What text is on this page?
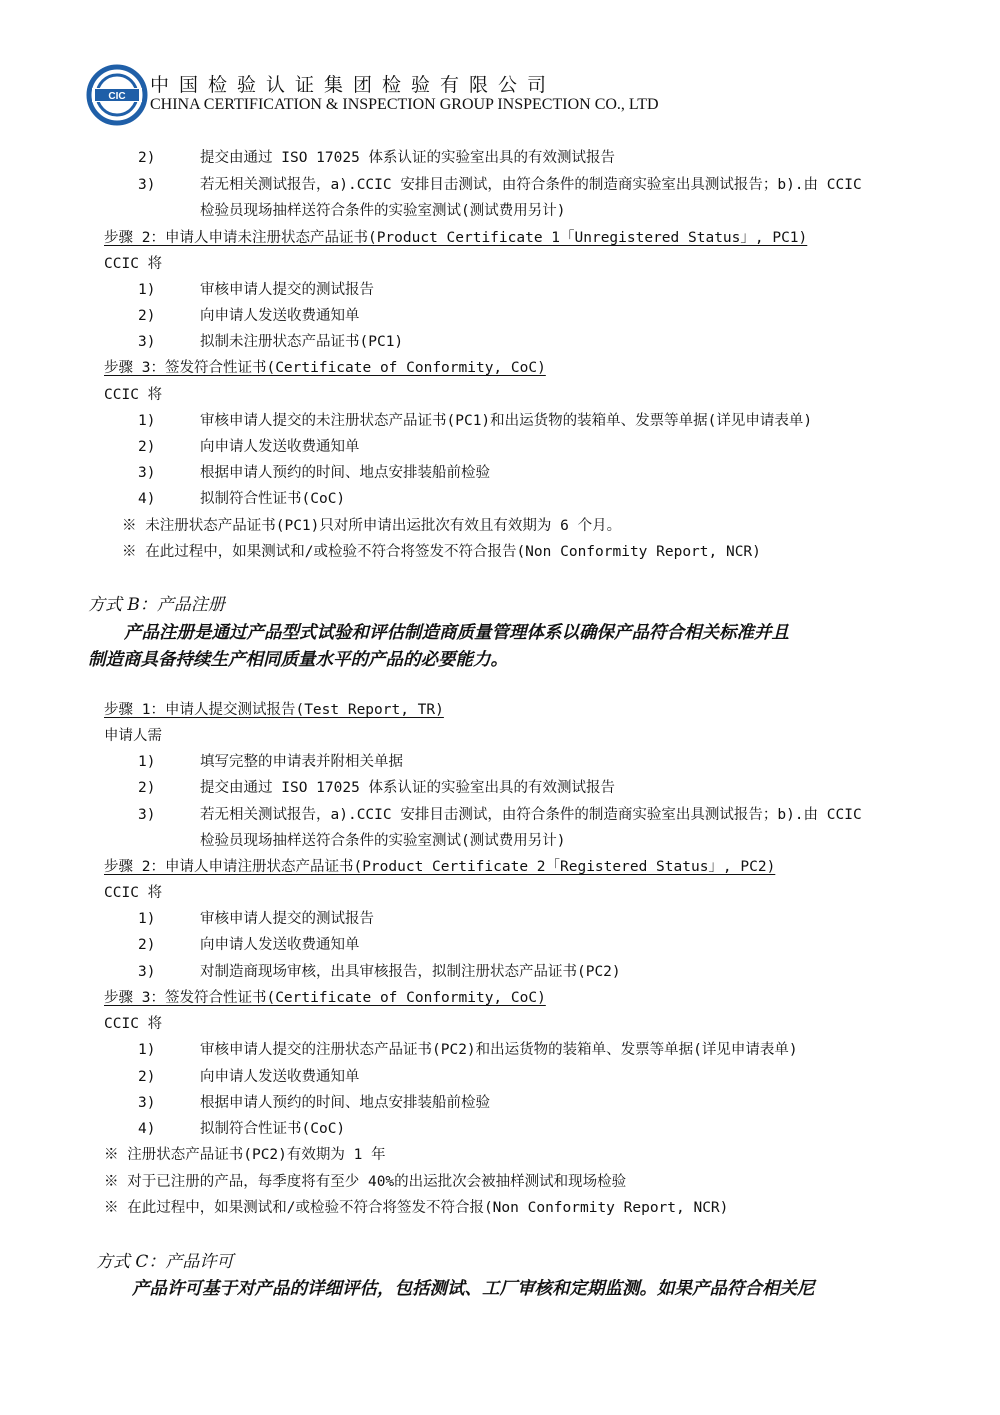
CIC
中国检验认证集团检验有限公司
CHINA CERTIFICATION & INSPECTION GROUP INSPECTION CO., LTD
2)	提交由通过 ISO 17025 体系认证的实验室出具的有效测试报告
3)	若无相关测试报告，a).CCIC 安排目击测试，由符合条件的制造商实验室出具测试报告；b).由 CCIC
检验员现场抽样送符合条件的实验室测试(测试费用另计)
步骤 2：申请人申请未注册状态产品证书(Product Certificate 1「Unregistered Status」, PC1)
CCIC 将
1)	审核申请人提交的测试报告
2)	向申请人发送收费通知单
3)	拟制未注册状态产品证书(PC1)
步骤 3：签发符合性证书(Certificate of Conformity, CoC)
CCIC 将
1)	审核申请人提交的未注册状态产品证书(PC1)和出运货物的装箱单、发票等单据(详见申请表单)
2)	向申请人发送收费通知单
3)	根据申请人预约的时间、地点安排装船前检验
4)	拟制符合性证书(CoC)
※ 未注册状态产品证书(PC1)只对所申请出运批次有效且有效期为 6 个月。
※ 在此过程中，如果测试和/或检验不符合将签发不符合报告(Non Conformity Report, NCR)
方式 B：产品注册
产品注册是通过产品型式试验和评估制造商质量管理体系以确保产品符合相关标准并且
制造商具备持续生产相同质量水平的产品的必要能力。
步骤 1：申请人提交测试报告(Test Report, TR)
申请人需
1)	填写完整的申请表并附相关单据
2)	提交由通过 ISO 17025 体系认证的实验室出具的有效测试报告
3)	若无相关测试报告，a).CCIC 安排目击测试，由符合条件的制造商实验室出具测试报告；b).由 CCIC
检验员现场抽样送符合条件的实验室测试(测试费用另计)
步骤 2：申请人申请注册状态产品证书(Product Certificate 2「Registered Status」, PC2)
CCIC 将
1)	审核申请人提交的测试报告
2)	向申请人发送收费通知单
3)	对制造商现场审核，出具审核报告，拟制注册状态产品证书(PC2)
步骤 3：签发符合性证书(Certificate of Conformity, CoC)
CCIC 将
1)	审核申请人提交的注册状态产品证书(PC2)和出运货物的装箱单、发票等单据(详见申请表单)
2)	向申请人发送收费通知单
3)	根据申请人预约的时间、地点安排装船前检验
4)	拟制符合性证书(CoC)
※ 注册状态产品证书(PC2)有效期为 1 年
※ 对于已注册的产品，每季度将有至少 40%的出运批次会被抽样测试和现场检验
※ 在此过程中，如果测试和/或检验不符合将签发不符合报(Non Conformity Report, NCR)
方式 C：产品许可
产品许可基于对产品的详细评估，包括测试、工厂审核和定期监测。如果产品符合相关尼
